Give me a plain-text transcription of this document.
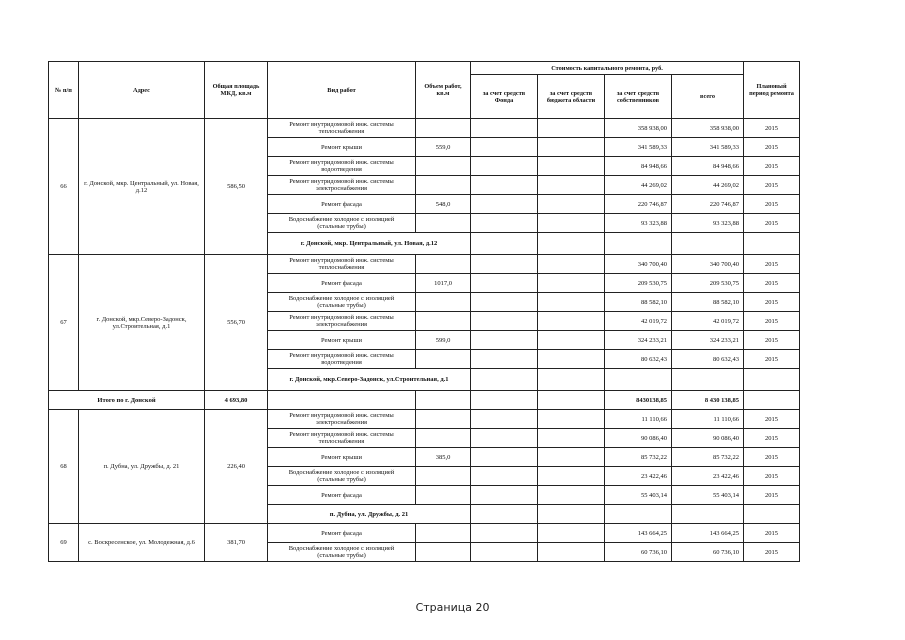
№ п/п	Адрес	Общая площадь МКД, кв.м	Вид работ	Объем работ, кв.м	Стоимость капитального ремонта, руб.				Плановый период ремонта	
					за счет средств Фонда	за счет средств бюджета области	за счет средств собственников	всего		
66	г. Донской, мкр. Центральный, ул. Новая, д.12	586,50	Ремонт внутридомовой инж. системы теплоснабжения				358 938,00	358 938,00	2015	
			Ремонт крыши	559,0			341 589,33	341 589,33	2015	
			Ремонт внутридомовой инж. системы водоотведения				84 948,66	84 948,66	2015	
			Ремонт внутридомовой инж. системы электроснабжения				44 269,02	44 269,02	2015	
			Ремонт фасада	548,0			220 746,87	220 746,87	2015	
			Водоснабжение холодное с изоляцией (стальные трубы)				93 323,88	93 323,88	2015	
			г. Донской, мкр. Центральный, ул. Новая, д.12								
67	г. Донской, мкр.Северо-Задонск, ул.Строительная, д.1	556,70	Ремонт внутридомовой инж. системы теплоснабжения				340 700,40	340 700,40	2015	
			Ремонт фасада	1017,0			209 530,75	209 530,75	2015	
			Водоснабжение холодное с изоляцией (стальные трубы)				88 582,10	88 582,10	2015	
			Ремонт внутридомовой инж. системы электроснабжения				42 019,72	42 019,72	2015	
			Ремонт крыши	599,0			324 233,21	324 233,21	2015	
			Ремонт внутридомовой инж. системы водоотведения				80 632,43	80 632,43	2015	
			г. Донской, мкр.Северо-Задонск, ул.Строительная, д.1								
Итого по г. Донской		4 693,80					8430138,85	8 430 138,85		
68	п. Дубна, ул. Дружбы, д. 21	226,40	Ремонт внутридомовой инж. системы электроснабжения				11 110,66	11 110,66	2015	
			Ремонт внутридомовой инж. системы теплоснабжения				90 086,40	90 086,40	2015	
			Ремонт крыши	385,0			85 732,22	85 732,22	2015	
			Водоснабжение холодное с изоляцией (стальные трубы)				23 422,46	23 422,46	2015	
			Ремонт фасада				55 403,14	55 403,14	2015	
			п. Дубна, ул. Дружбы, д. 21								
69	с. Воскресенское, ул. Молодежная, д.6	381,70	Ремонт фасада				143 664,25	143 664,25	2015	
			Водоснабжение холодное с изоляцией (стальные трубы)				60 736,10	60 736,10	2015	
Страница 20
